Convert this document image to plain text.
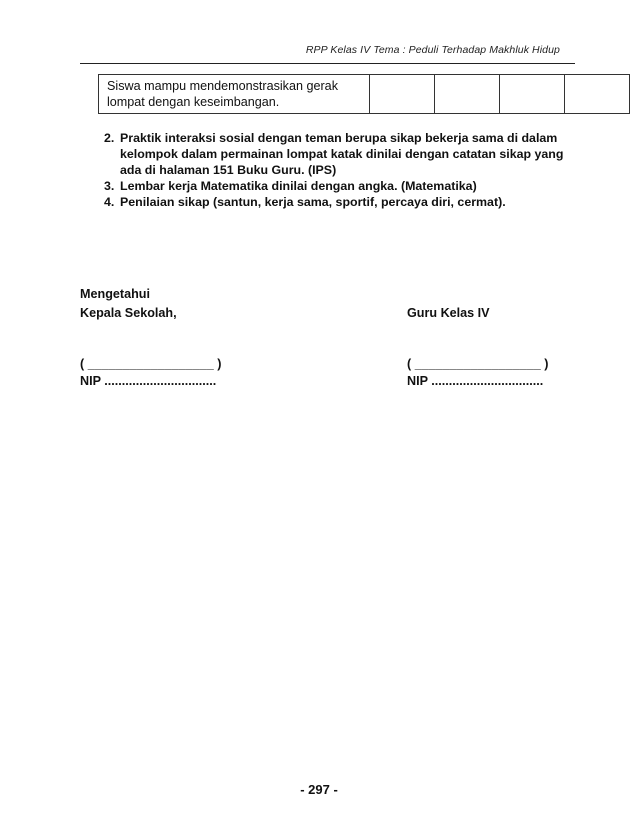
RPP Kelas IV Tema : Peduli Terhadap Makhluk Hidup
Siswa mampu mendemonstrasikan gerak lompat dengan keseimbangan.				
2. Praktik interaksi sosial dengan teman berupa sikap bekerja sama di dalam kelompok dalam permainan lompat katak dinilai dengan catatan sikap yang ada di halaman 151 Buku Guru. (IPS)
3. Lembar kerja Matematika dinilai dengan angka. (Matematika)
4. Penilaian sikap (santun, kerja sama, sportif, percaya diri, cermat).
Mengetahui
Kepala Sekolah,	Guru Kelas IV
( __________________ )
NIP ................................
( __________________ )
NIP ................................
- 297 -
